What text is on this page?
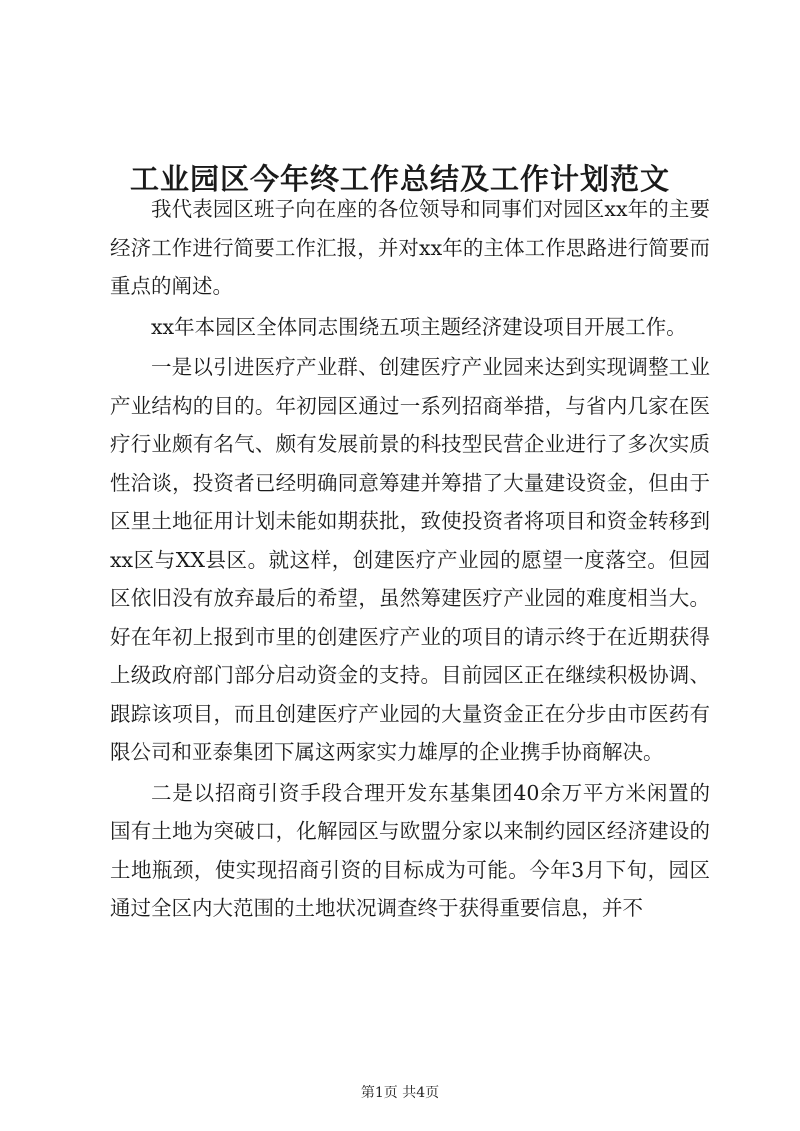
工业园区今年终工作总结及工作计划范文

我代表园区班子向在座的各位领导和同事们对园区xx年的主要经济工作进行简要工作汇报，并对xx年的主体工作思路进行简要而重点的阐述。

xx年本园区全体同志围绕五项主题经济建设项目开展工作。

一是以引进医疗产业群、创建医疗产业园来达到实现调整工业产业结构的目的。年初园区通过一系列招商举措，与省内几家在医疗行业颇有名气、颇有发展前景的科技型民营企业进行了多次实质性洽谈，投资者已经明确同意筹建并筹措了大量建设资金，但由于区里土地征用计划未能如期获批，致使投资者将项目和资金转移到xx区与XX县区。就这样，创建医疗产业园的愿望一度落空。但园区依旧没有放弃最后的希望，虽然筹建医疗产业园的难度相当大。好在年初上报到市里的创建医疗产业的项目的请示终于在近期获得上级政府部门部分启动资金的支持。目前园区正在继续积极协调、跟踪该项目，而且创建医疗产业园的大量资金正在分步由市医药有限公司和亚泰集团下属这两家实力雄厚的企业携手协商解决。

二是以招商引资手段合理开发东基集团40余万平方米闲置的国有土地为突破口，化解园区与欧盟分家以来制约园区经济建设的土地瓶颈，使实现招商引资的目标成为可能。今年3月下旬，园区通过全区内大范围的土地状况调查终于获得重要信息，并不

第1页 共4页
